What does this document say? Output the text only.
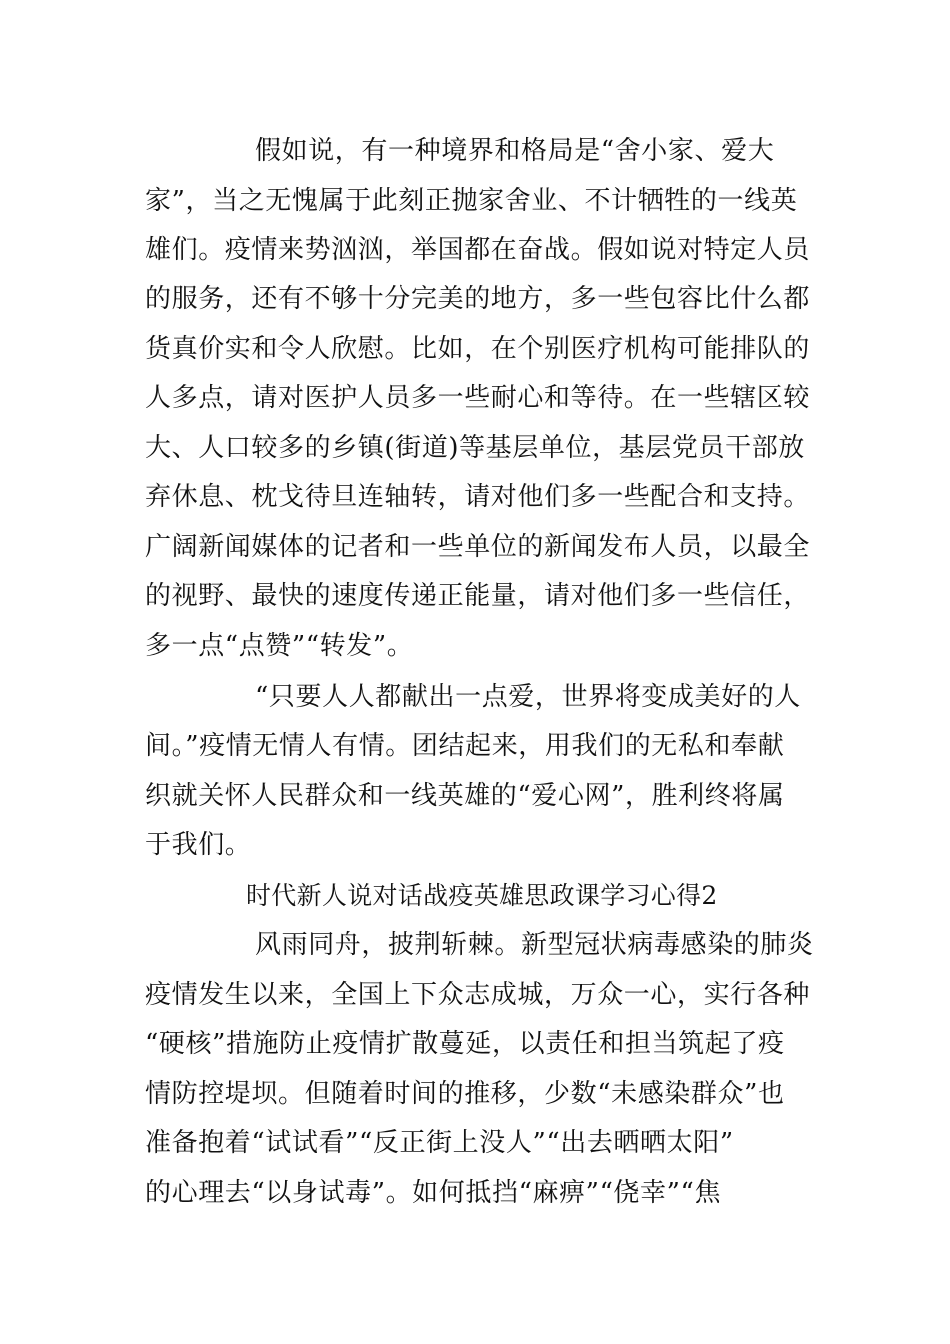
假如说，有一种境界和格局是“舍小家、爱大
家”，当之无愧属于此刻正抛家舍业、不计牺牲的一线英
雄们。疫情来势汹汹，举国都在奋战。假如说对特定人员
的服务，还有不够十分完美的地方，多一些包容比什么都
货真价实和令人欣慰。比如，在个别医疗机构可能排队的
人多点，请对医护人员多一些耐心和等待。在一些辖区较
大、人口较多的乡镇(街道)等基层单位，基层党员干部放
弃休息、枕戈待旦连轴转，请对他们多一些配合和支持。
广阔新闻媒体的记者和一些单位的新闻发布人员，以最全
的视野、最快的速度传递正能量，请对他们多一些信任，
多一点“点赞”“转发”。
“只要人人都献出一点爱，世界将变成美好的人
间。”疫情无情人有情。团结起来，用我们的无私和奉献
织就关怀人民群众和一线英雄的“爱心网”，胜利终将属
于我们。
时代新人说对话战疫英雄思政课学习心得2
风雨同舟，披荆斩棘。新型冠状病毒感染的肺炎
疫情发生以来，全国上下众志成城，万众一心，实行各种
“硬核”措施防止疫情扩散蔓延，以责任和担当筑起了疫
情防控堤坝。但随着时间的推移，少数“未感染群众”也
准备抱着“试试看”“反正街上没人”“出去晒晒太阳”
的心理去“以身试毒”。如何抵挡“麻痹”“侥幸”“焦
